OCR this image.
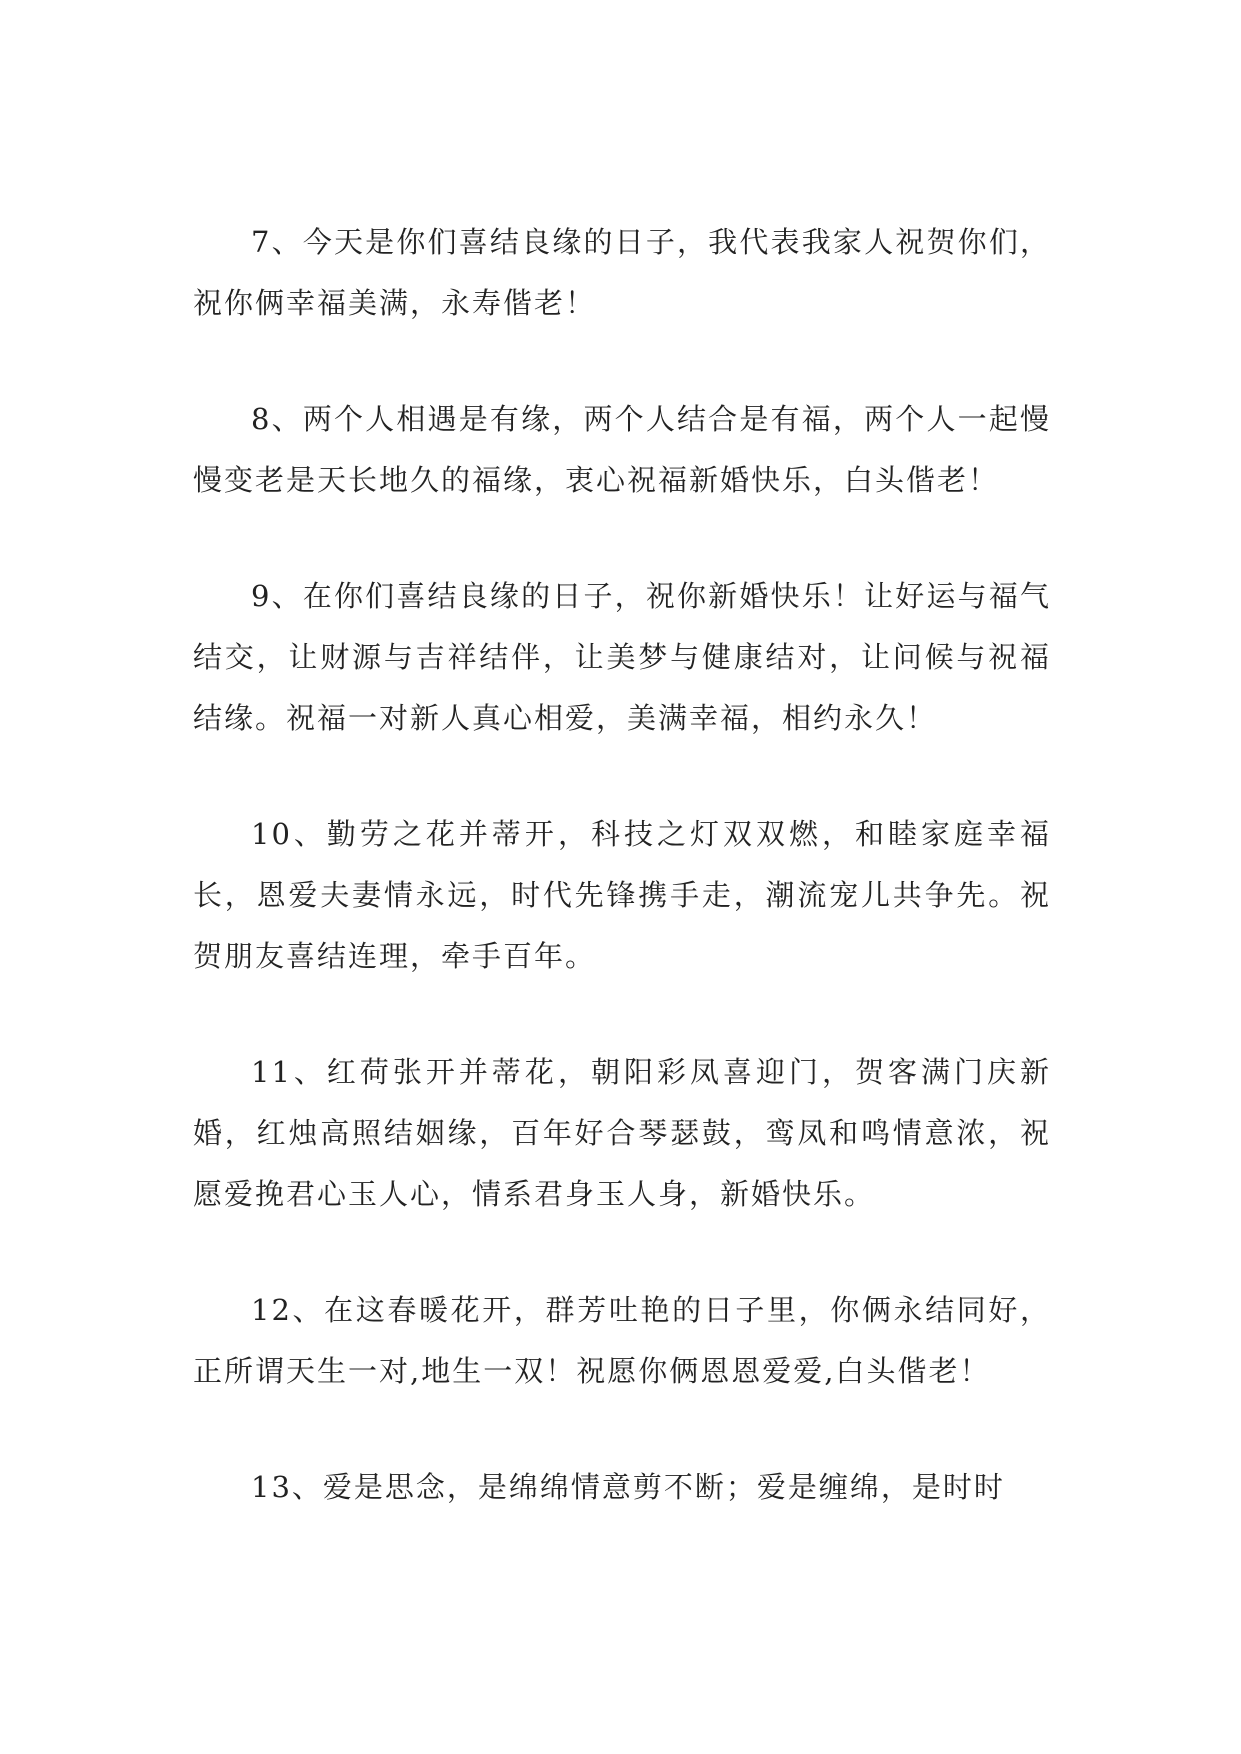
7、今天是你们喜结良缘的日子，我代表我家人祝贺你们，祝你俩幸福美满，永寿偕老！

8、两个人相遇是有缘，两个人结合是有福，两个人一起慢慢变老是天长地久的福缘，衷心祝福新婚快乐，白头偕老！

9、在你们喜结良缘的日子，祝你新婚快乐！让好运与福气结交，让财源与吉祥结伴，让美梦与健康结对，让问候与祝福结缘。祝福一对新人真心相爱，美满幸福，相约永久！

10、勤劳之花并蒂开，科技之灯双双燃，和睦家庭幸福长，恩爱夫妻情永远，时代先锋携手走，潮流宠儿共争先。祝贺朋友喜结连理，牵手百年。

11、红荷张开并蒂花，朝阳彩凤喜迎门，贺客满门庆新婚，红烛高照结姻缘，百年好合琴瑟鼓，鸾凤和鸣情意浓，祝愿爱挽君心玉人心，情系君身玉人身，新婚快乐。

12、在这春暖花开，群芳吐艳的日子里，你俩永结同好，正所谓天生一对,地生一双！祝愿你俩恩恩爱爱,白头偕老！

13、爱是思念，是绵绵情意剪不断；爱是缠绵，是时时
